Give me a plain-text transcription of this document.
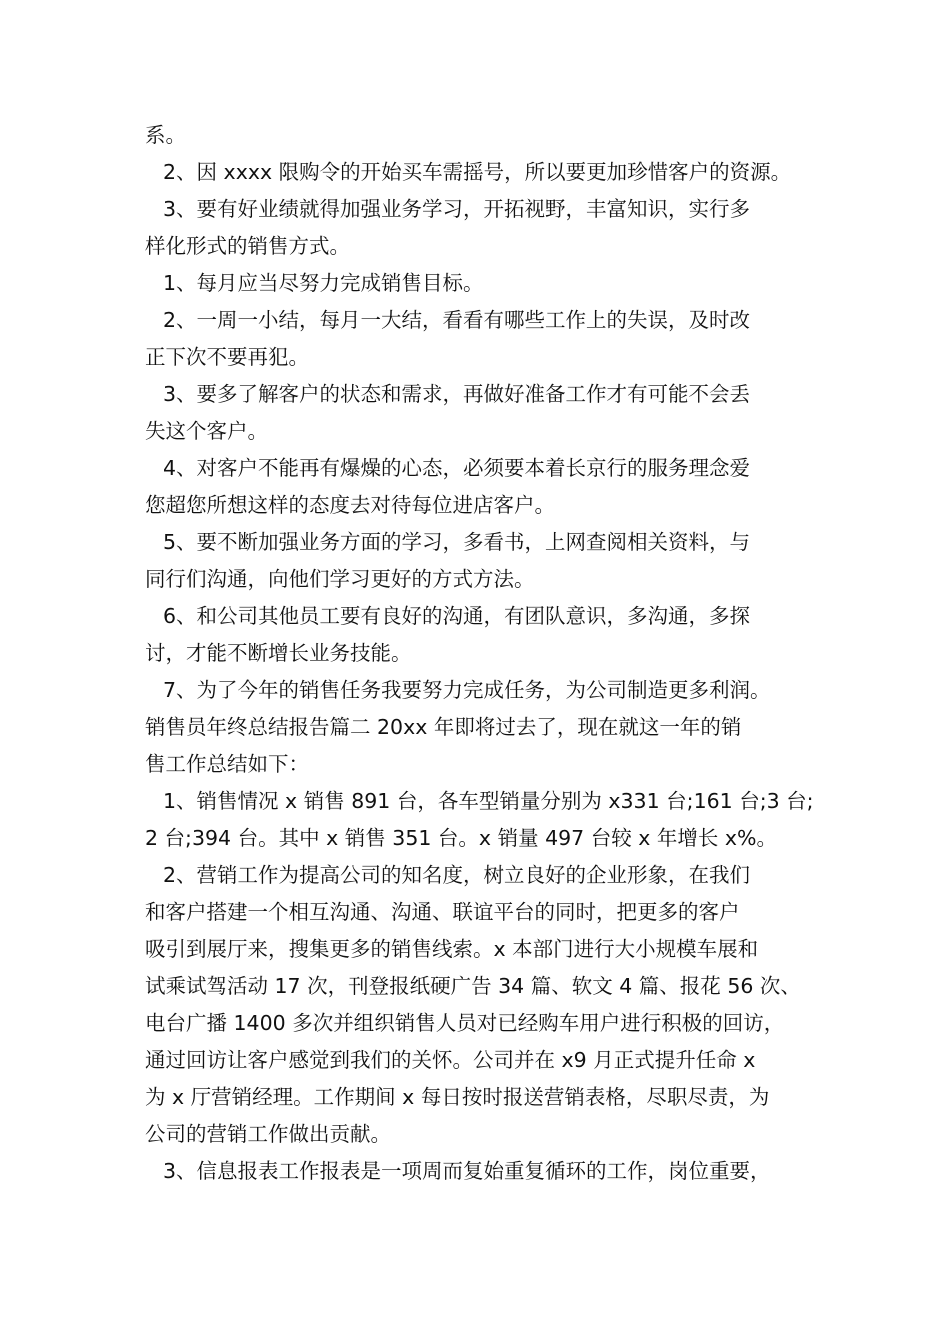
系。
2、因 xxxx 限购令的开始买车需摇号，所以要更加珍惜客户的资源。
3、要有好业绩就得加强业务学习，开拓视野，丰富知识，实行多
样化形式的销售方式。
1、每月应当尽努力完成销售目标。
2、一周一小结，每月一大结，看看有哪些工作上的失误，及时改
正下次不要再犯。
3、要多了解客户的状态和需求，再做好准备工作才有可能不会丢
失这个客户。
4、对客户不能再有爆燥的心态，必须要本着长京行的服务理念爱
您超您所想这样的态度去对待每位进店客户。
5、要不断加强业务方面的学习，多看书，上网查阅相关资料，与
同行们沟通，向他们学习更好的方式方法。
6、和公司其他员工要有良好的沟通，有团队意识，多沟通，多探
讨，才能不断增长业务技能。
7、为了今年的销售任务我要努力完成任务，为公司制造更多利润。
销售员年终总结报告篇二 20xx 年即将过去了，现在就这一年的销
售工作总结如下：
1、销售情况 x 销售 891 台，各车型销量分别为 x331 台;161 台;3 台;
2 台;394 台。其中 x 销售 351 台。x 销量 497 台较 x 年增长 x%。
2、营销工作为提高公司的知名度，树立良好的企业形象，在我们
和客户搭建一个相互沟通、沟通、联谊平台的同时，把更多的客户
吸引到展厅来，搜集更多的销售线索。x 本部门进行大小规模车展和
试乘试驾活动 17 次，刊登报纸硬广告 34 篇、软文 4 篇、报花 56 次、
电台广播 1400 多次并组织销售人员对已经购车用户进行积极的回访，
通过回访让客户感觉到我们的关怀。公司并在 x9 月正式提升任命 x
为 x 厅营销经理。工作期间 x 每日按时报送营销表格，尽职尽责，为
公司的营销工作做出贡献。
3、信息报表工作报表是一项周而复始重复循环的工作，岗位重要，
